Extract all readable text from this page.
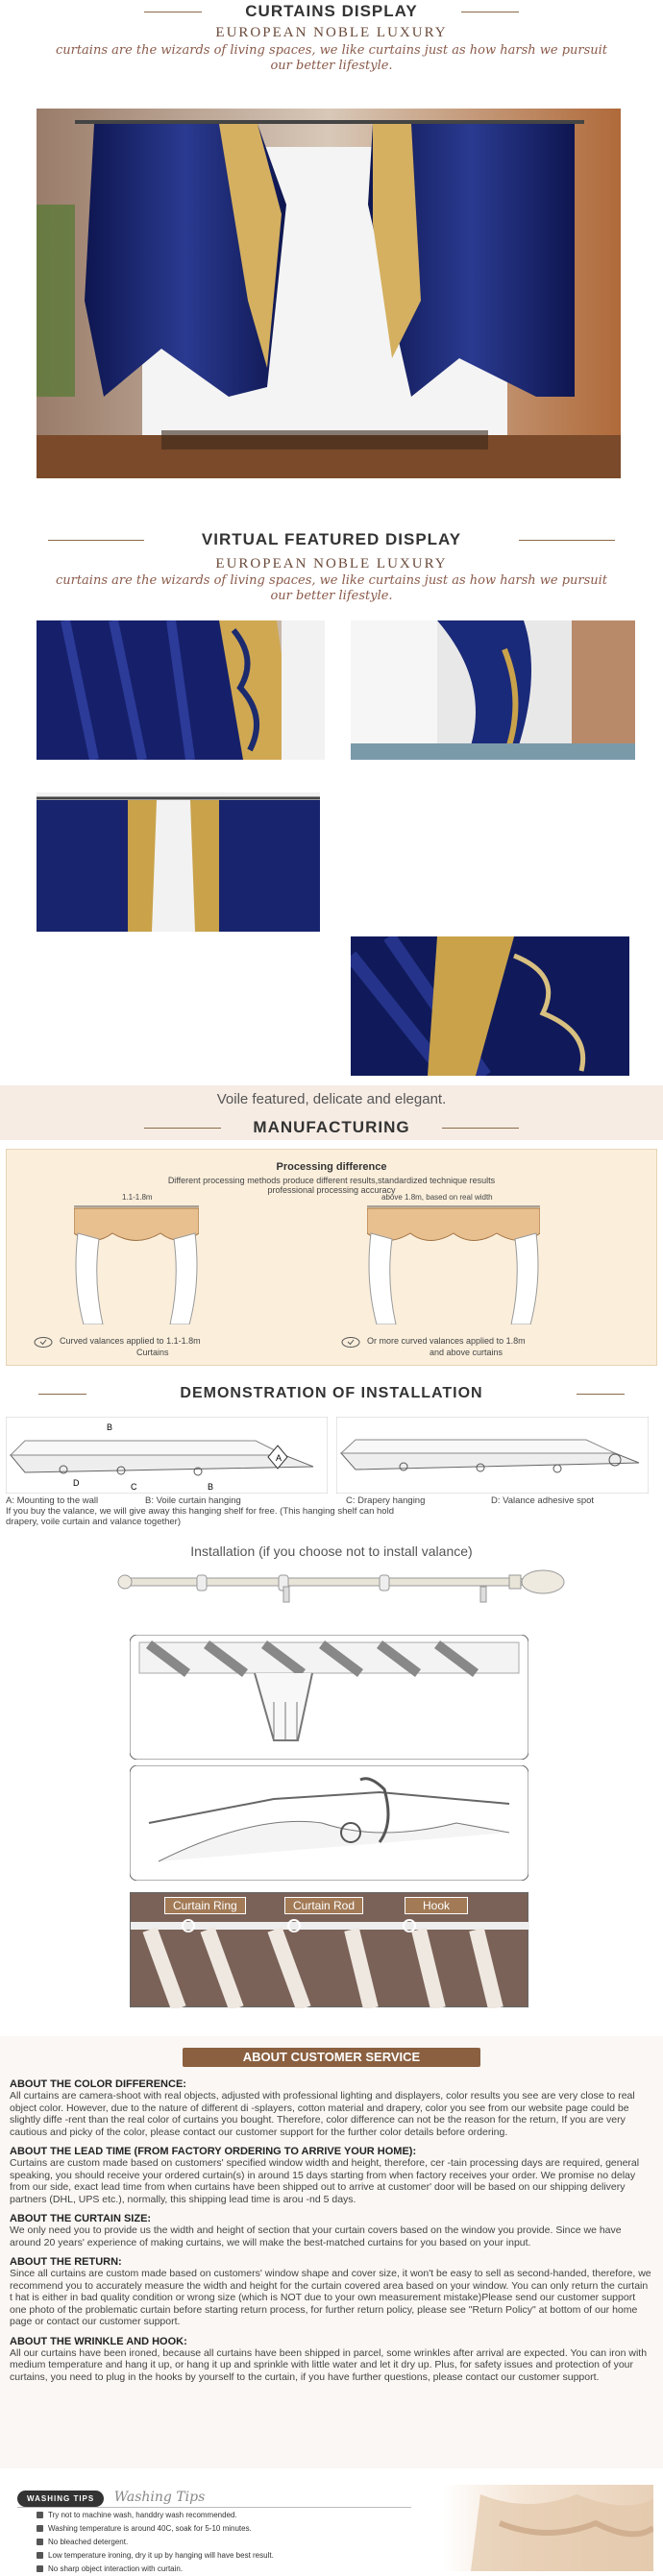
CURTAINS DISPLAY
EUROPEAN NOBLE LUXURY
curtains are the wizards of living spaces, we like curtains just as how harsh we pursuit
our better lifestyle.
VIRTUAL FEATURED DISPLAY
EUROPEAN NOBLE LUXURY
curtains are the wizards of living spaces, we like curtains just as how harsh we pursuit
our better lifestyle.
Voile featured, delicate and elegant.
MANUFACTURING
Processing difference
Different processing methods produce different results,standardized technique results
professional processing accuracy
1.1-1.8m	above 1.8m, based on real width
Curved valances applied to 1.1-1.8m
Curtains
Or more curved valances applied to 1.8m
and above curtains
DEMONSTRATION OF INSTALLATION
A
B
B
C
D
A: Mounting to the wall	B: Voile curtain hanging	C: Drapery hanging	D: Valance adhesive spot
If you buy the valance, we will give away this hanging shelf for free. (This hanging shelf can hold
drapery, voile curtain and valance together)
Installation (if you choose not to install valance)
Curtain Ring	Curtain Rod	Hook
ABOUT CUSTOMER SERVICE
ABOUT THE COLOR DIFFERENCE:
All curtains are camera-shoot with real objects, adjusted with professional lighting and displayers, color results you see are very close to real object color. However, due to the nature of different di -splayers, cotton material and drapery, color you see from our website page could be slightly diffe -rent than the real color of curtains you bought. Therefore, color difference can not be the reason for the return, If you are very cautious and picky of the color, please contact our customer support for the further color details before ordering.
ABOUT THE LEAD TIME (FROM FACTORY ORDERING TO ARRIVE YOUR HOME):
Curtains are custom made based on customers' specified window width and height, therefore, cer -tain processing days are required, general speaking, you should receive your ordered curtain(s) in around 15 days starting from when factory receives your order. We promise no delay from our side, exact lead time from when curtains have been shipped out to arrive at customer' door will be based on our shipping delivery partners (DHL, UPS etc.), normally, this shipping lead time is arou -nd 5 days.
ABOUT THE CURTAIN SIZE:
We only need you to provide us the width and height of section that your curtain covers based on the window you provide. Since we have around 20 years' experience of making curtains, we will make the best-matched curtains for you based on your input.
ABOUT THE RETURN:
Since all curtains are custom made based on customers' window shape and cover size, it won't be easy to sell as second-handed, therefore, we recommend you to accurately measure the width and height for the curtain covered area based on your window. You can only return the curtain t hat is either in bad quality condition or wrong size (which is NOT due to your own measurement mistake)Please send our customer support one photo of the problematic curtain before starting return process, for further return policy, please see "Return Policy" at bottom of our home page or contact our customer support.
ABOUT THE WRINKLE AND HOOK:
All our curtains have been ironed, because all curtains have been shipped in parcel, some wrinkles after arrival are expected. You can iron with medium temperature and hang it up, or hang it up and sprinkle with little water and let it dry up. Plus, for safety issues and protection of your curtains, you need to plug in the hooks by yourself to the curtain, if you have further questions, please contact our customer support.
WASHING TIPS Washing Tips
Try not to machine wash, handdry wash recommended.
Washing temperature is around 40C, soak for 5-10 minutes.
No bleached detergent.
Low temperature ironing, dry it up by hanging will have best result.
No sharp object interaction with curtain.
